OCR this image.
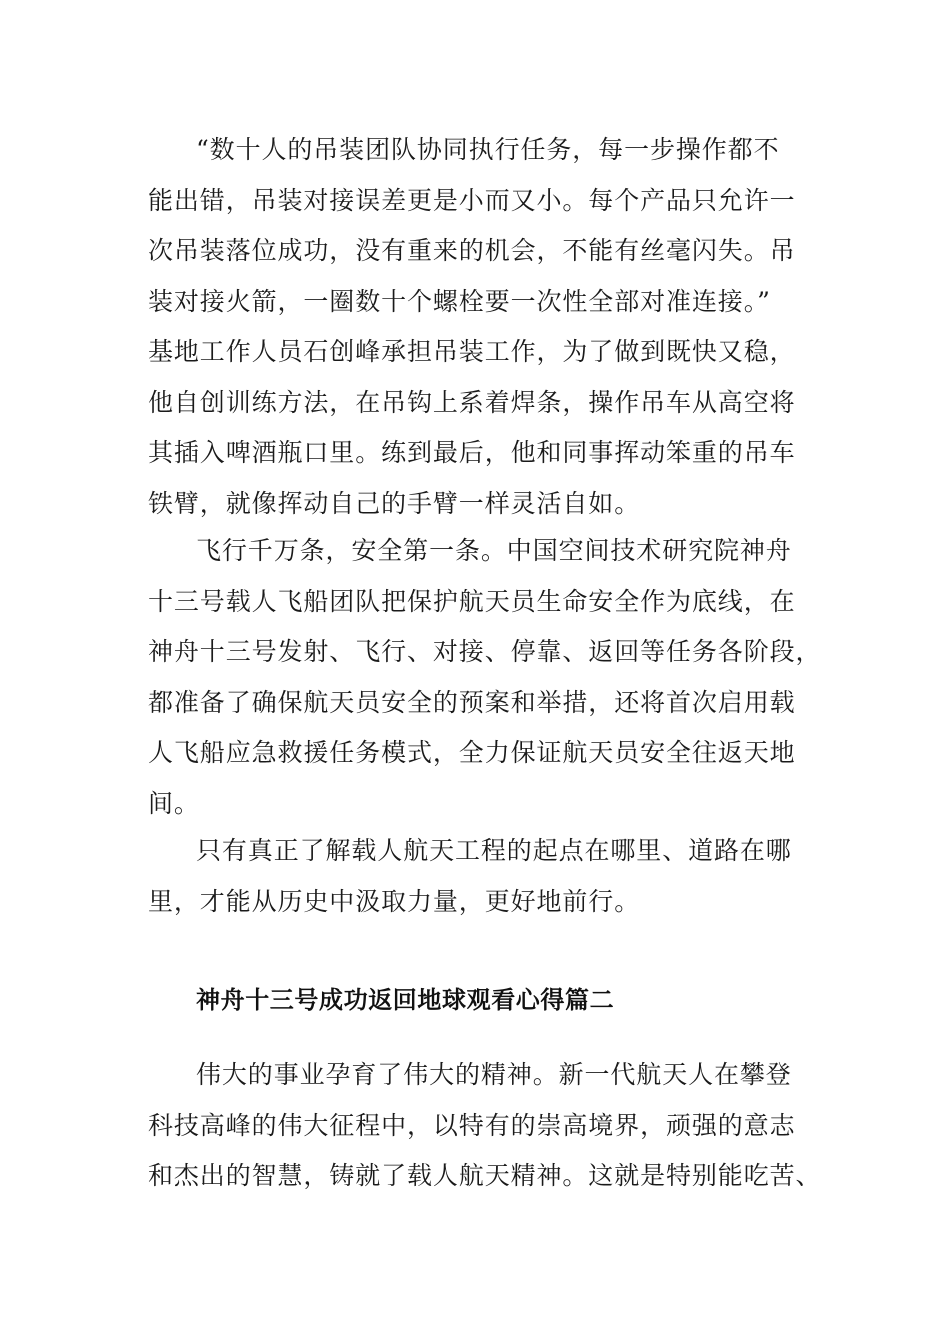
“数十人的吊装团队协同执行任务，每一步操作都不
能出错，吊装对接误差更是小而又小。每个产品只允许一
次吊装落位成功，没有重来的机会，不能有丝毫闪失。吊
装对接火箭，一圈数十个螺栓要一次性全部对准连接。”
基地工作人员石创峰承担吊装工作，为了做到既快又稳，
他自创训练方法，在吊钩上系着焊条，操作吊车从高空将
其插入啤酒瓶口里。练到最后，他和同事挥动笨重的吊车
铁臂，就像挥动自己的手臂一样灵活自如。

飞行千万条，安全第一条。中国空间技术研究院神舟
十三号载人飞船团队把保护航天员生命安全作为底线，在
神舟十三号发射、飞行、对接、停靠、返回等任务各阶段，
都准备了确保航天员安全的预案和举措，还将首次启用载
人飞船应急救援任务模式，全力保证航天员安全往返天地
间。

只有真正了解载人航天工程的起点在哪里、道路在哪
里，才能从历史中汲取力量，更好地前行。

神舟十三号成功返回地球观看心得篇二

伟大的事业孕育了伟大的精神。新一代航天人在攀登
科技高峰的伟大征程中，以特有的崇高境界，顽强的意志
和杰出的智慧，铸就了载人航天精神。这就是特别能吃苦、
